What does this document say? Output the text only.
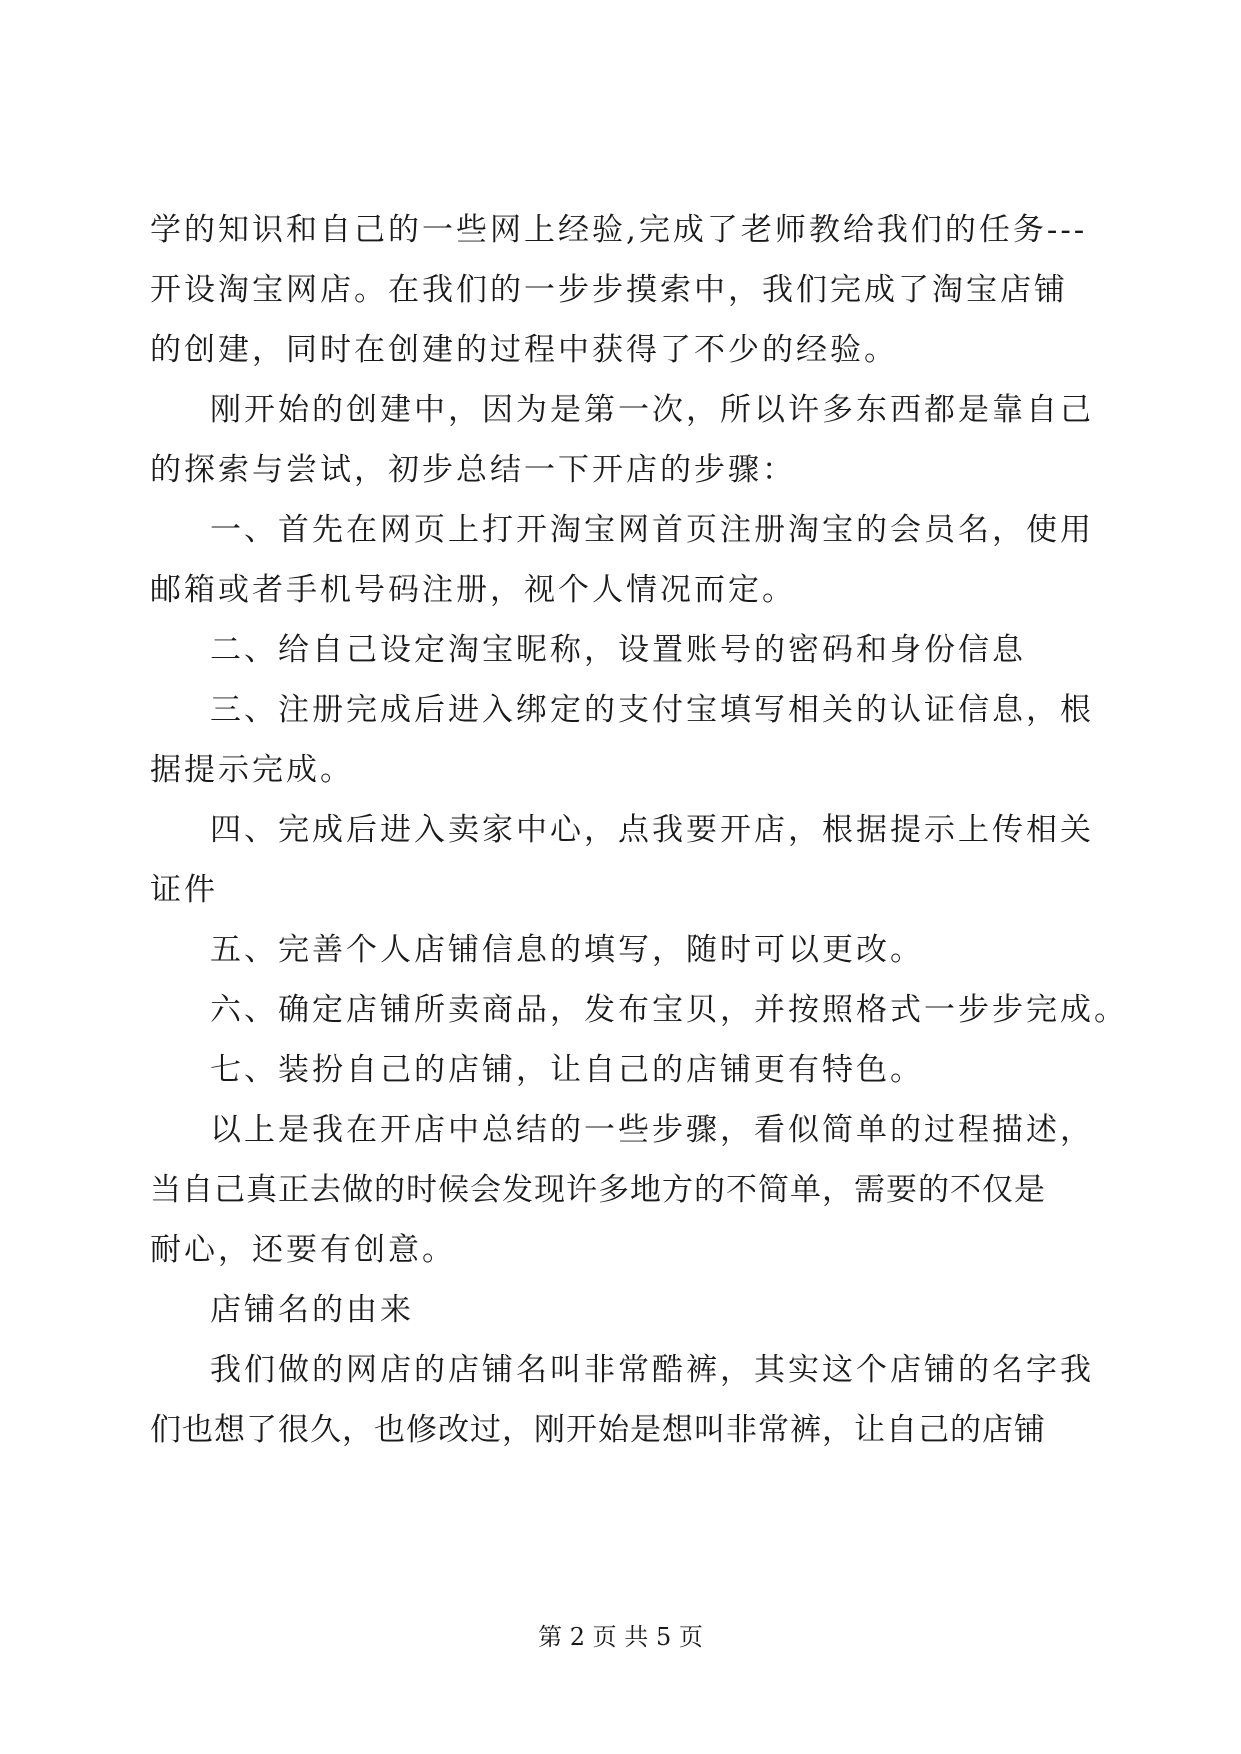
学的知识和自己的一些网上经验,完成了老师教给我们的任务---
开设淘宝网店。在我们的一步步摸索中，我们完成了淘宝店铺
的创建，同时在创建的过程中获得了不少的经验。
刚开始的创建中，因为是第一次，所以许多东西都是靠自己
的探索与尝试，初步总结一下开店的步骤：
一、首先在网页上打开淘宝网首页注册淘宝的会员名，使用
邮箱或者手机号码注册，视个人情况而定。
二、给自己设定淘宝昵称，设置账号的密码和身份信息
三、注册完成后进入绑定的支付宝填写相关的认证信息，根
据提示完成。
四、完成后进入卖家中心，点我要开店，根据提示上传相关
证件
五、完善个人店铺信息的填写，随时可以更改。
六、确定店铺所卖商品，发布宝贝，并按照格式一步步完成。
七、装扮自己的店铺，让自己的店铺更有特色。
以上是我在开店中总结的一些步骤，看似简单的过程描述，
当自己真正去做的时候会发现许多地方的不简单，需要的不仅是
耐心，还要有创意。
店铺名的由来
我们做的网店的店铺名叫非常酷裤，其实这个店铺的名字我
们也想了很久，也修改过，刚开始是想叫非常裤，让自己的店铺
第 2 页 共 5 页
